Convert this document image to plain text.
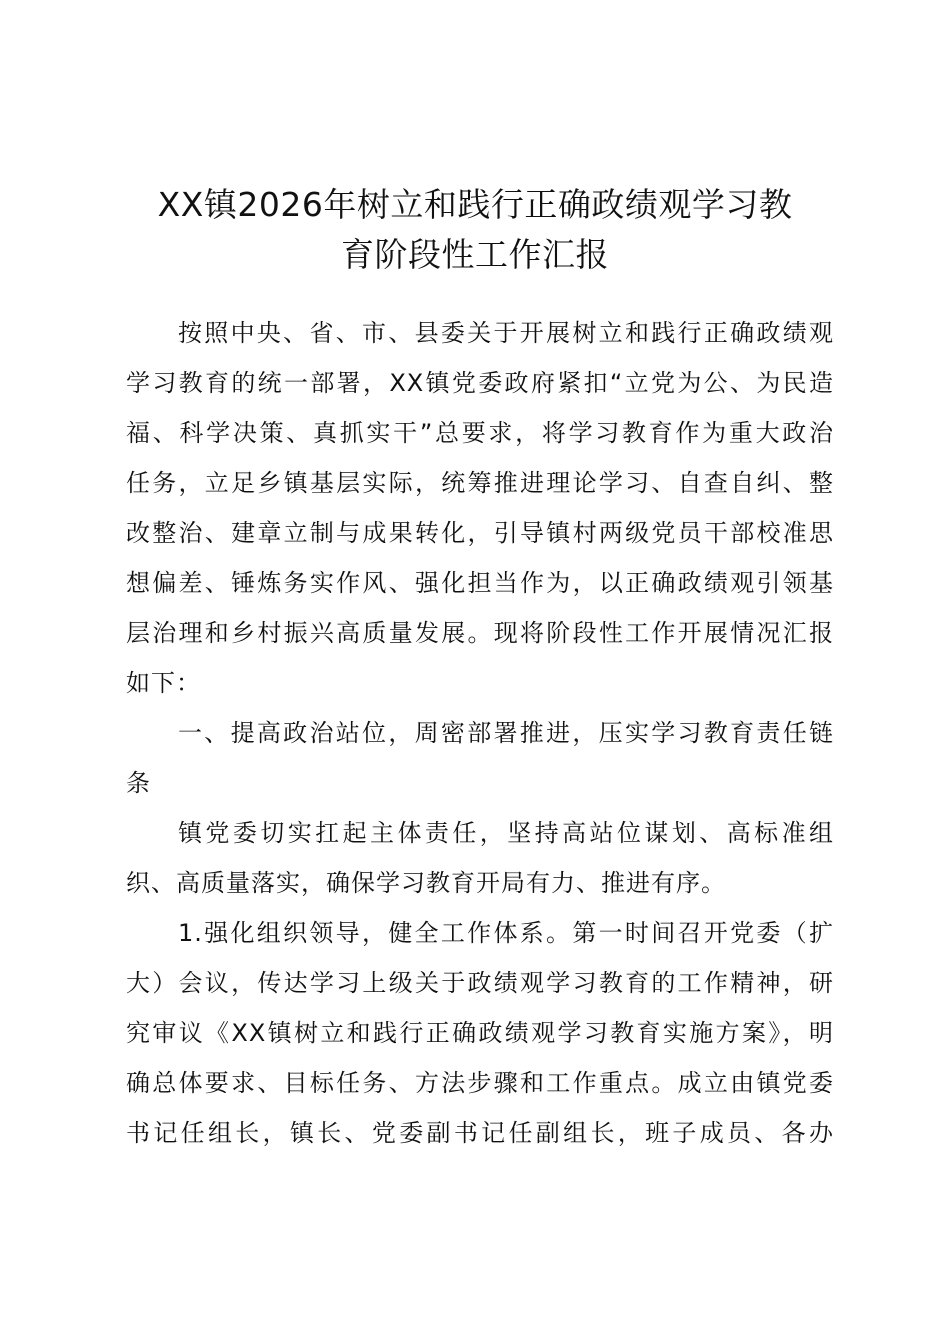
XX镇2026年树立和践行正确政绩观学习教
育阶段性工作汇报
按照中央、省、市、县委关于开展树立和践行正确政绩观
学习教育的统一部署，XX镇党委政府紧扣“立党为公、为民造
福、科学决策、真抓实干”总要求，将学习教育作为重大政治
任务，立足乡镇基层实际，统筹推进理论学习、自查自纠、整
改整治、建章立制与成果转化，引导镇村两级党员干部校准思
想偏差、锤炼务实作风、强化担当作为，以正确政绩观引领基
层治理和乡村振兴高质量发展。现将阶段性工作开展情况汇报
如下：
一、提高政治站位，周密部署推进，压实学习教育责任链
条
镇党委切实扛起主体责任，坚持高站位谋划、高标准组
织、高质量落实，确保学习教育开局有力、推进有序。
1.强化组织领导，健全工作体系。第一时间召开党委（扩
大）会议，传达学习上级关于政绩观学习教育的工作精神，研
究审议《XX镇树立和践行正确政绩观学习教育实施方案》，明
确总体要求、目标任务、方法步骤和工作重点。成立由镇党委
书记任组长，镇长、党委副书记任副组长，班子成员、各办
